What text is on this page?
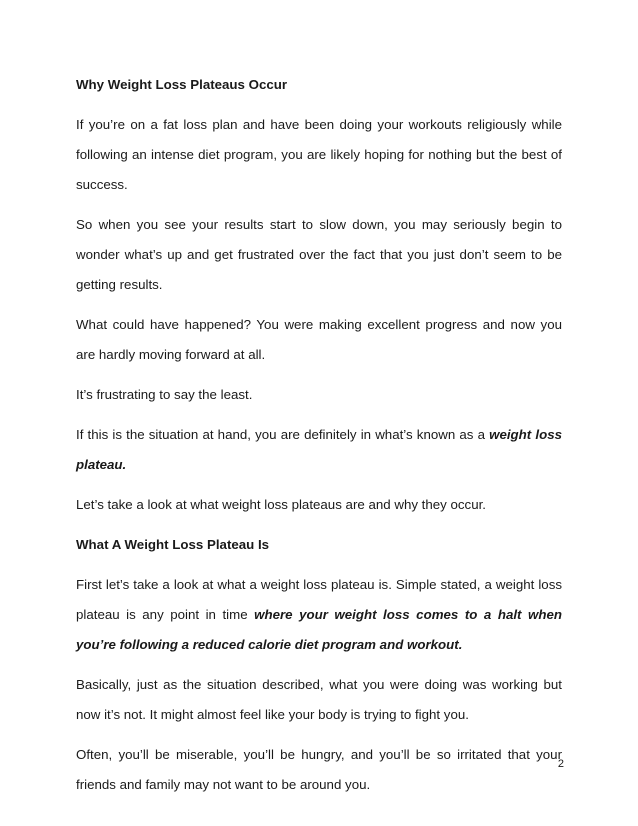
Why Weight Loss Plateaus Occur

If you’re on a fat loss plan and have been doing your workouts religiously while following an intense diet program, you are likely hoping for nothing but the best of success.

So when you see your results start to slow down, you may seriously begin to wonder what’s up and get frustrated over the fact that you just don’t seem to be getting results.

What could have happened? You were making excellent progress and now you are hardly moving forward at all.

It’s frustrating to say the least.

If this is the situation at hand, you are definitely in what’s known as a weight loss plateau.

Let’s take a look at what weight loss plateaus are and why they occur.

What A Weight Loss Plateau Is

First let’s take a look at what a weight loss plateau is. Simple stated, a weight loss plateau is any point in time where your weight loss comes to a halt when you’re following a reduced calorie diet program and workout.

Basically, just as the situation described, what you were doing was working but now it’s not. It might almost feel like your body is trying to fight you.

Often, you’ll be miserable, you’ll be hungry, and you’ll be so irritated that your friends and family may not want to be around you.

2
